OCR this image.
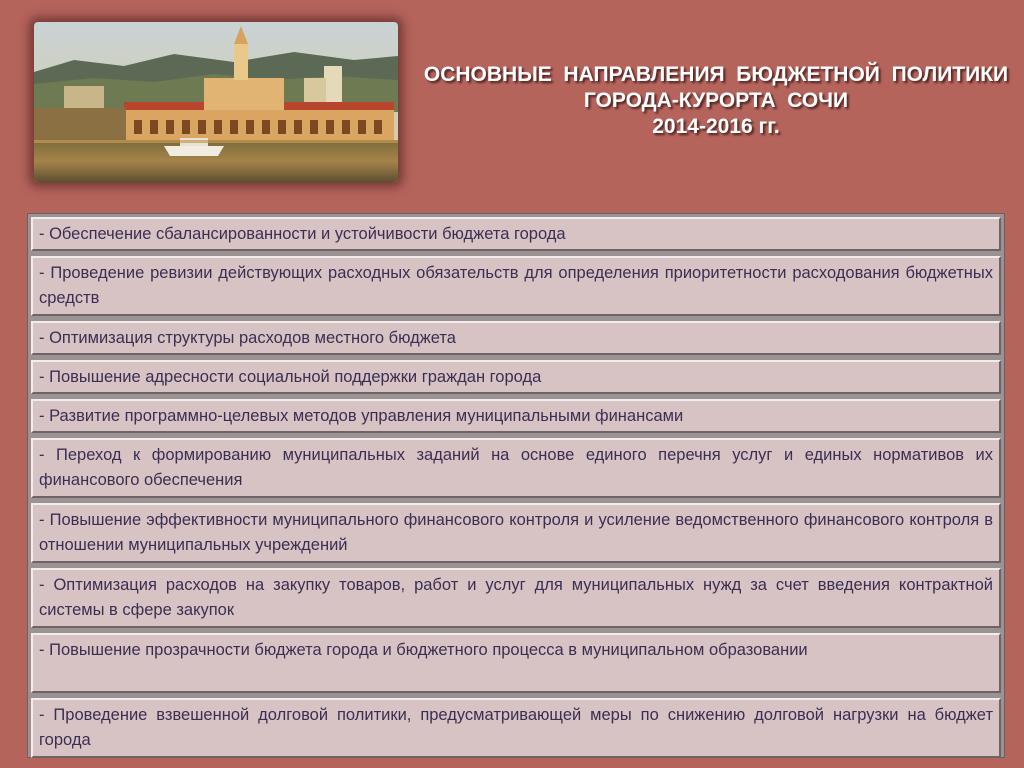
ОСНОВНЫЕ  НАПРАВЛЕНИЯ  БЮДЖЕТНОЙ  ПОЛИТИКИ
ГОРОДА-КУРОРТА  СОЧИ
2014-2016 гг.
- Обеспечение сбалансированности и устойчивости бюджета города
- Проведение ревизии действующих расходных обязательств для определения приоритетности расходования бюджетных средств
- Оптимизация структуры расходов местного бюджета
- Повышение адресности социальной поддержки граждан города
- Развитие программно-целевых методов управления муниципальными финансами
- Переход к формированию муниципальных заданий на основе единого перечня услуг и единых нормативов их финансового обеспечения
- Повышение эффективности муниципального финансового контроля и усиление ведомственного финансового контроля в отношении муниципальных учреждений
- Оптимизация расходов на закупку товаров, работ и услуг для муниципальных нужд за счет введения контрактной системы в сфере закупок
- Повышение прозрачности бюджета города и бюджетного процесса в муниципальном образовании
- Проведение взвешенной долговой политики, предусматривающей меры по снижению долговой нагрузки на бюджет города
